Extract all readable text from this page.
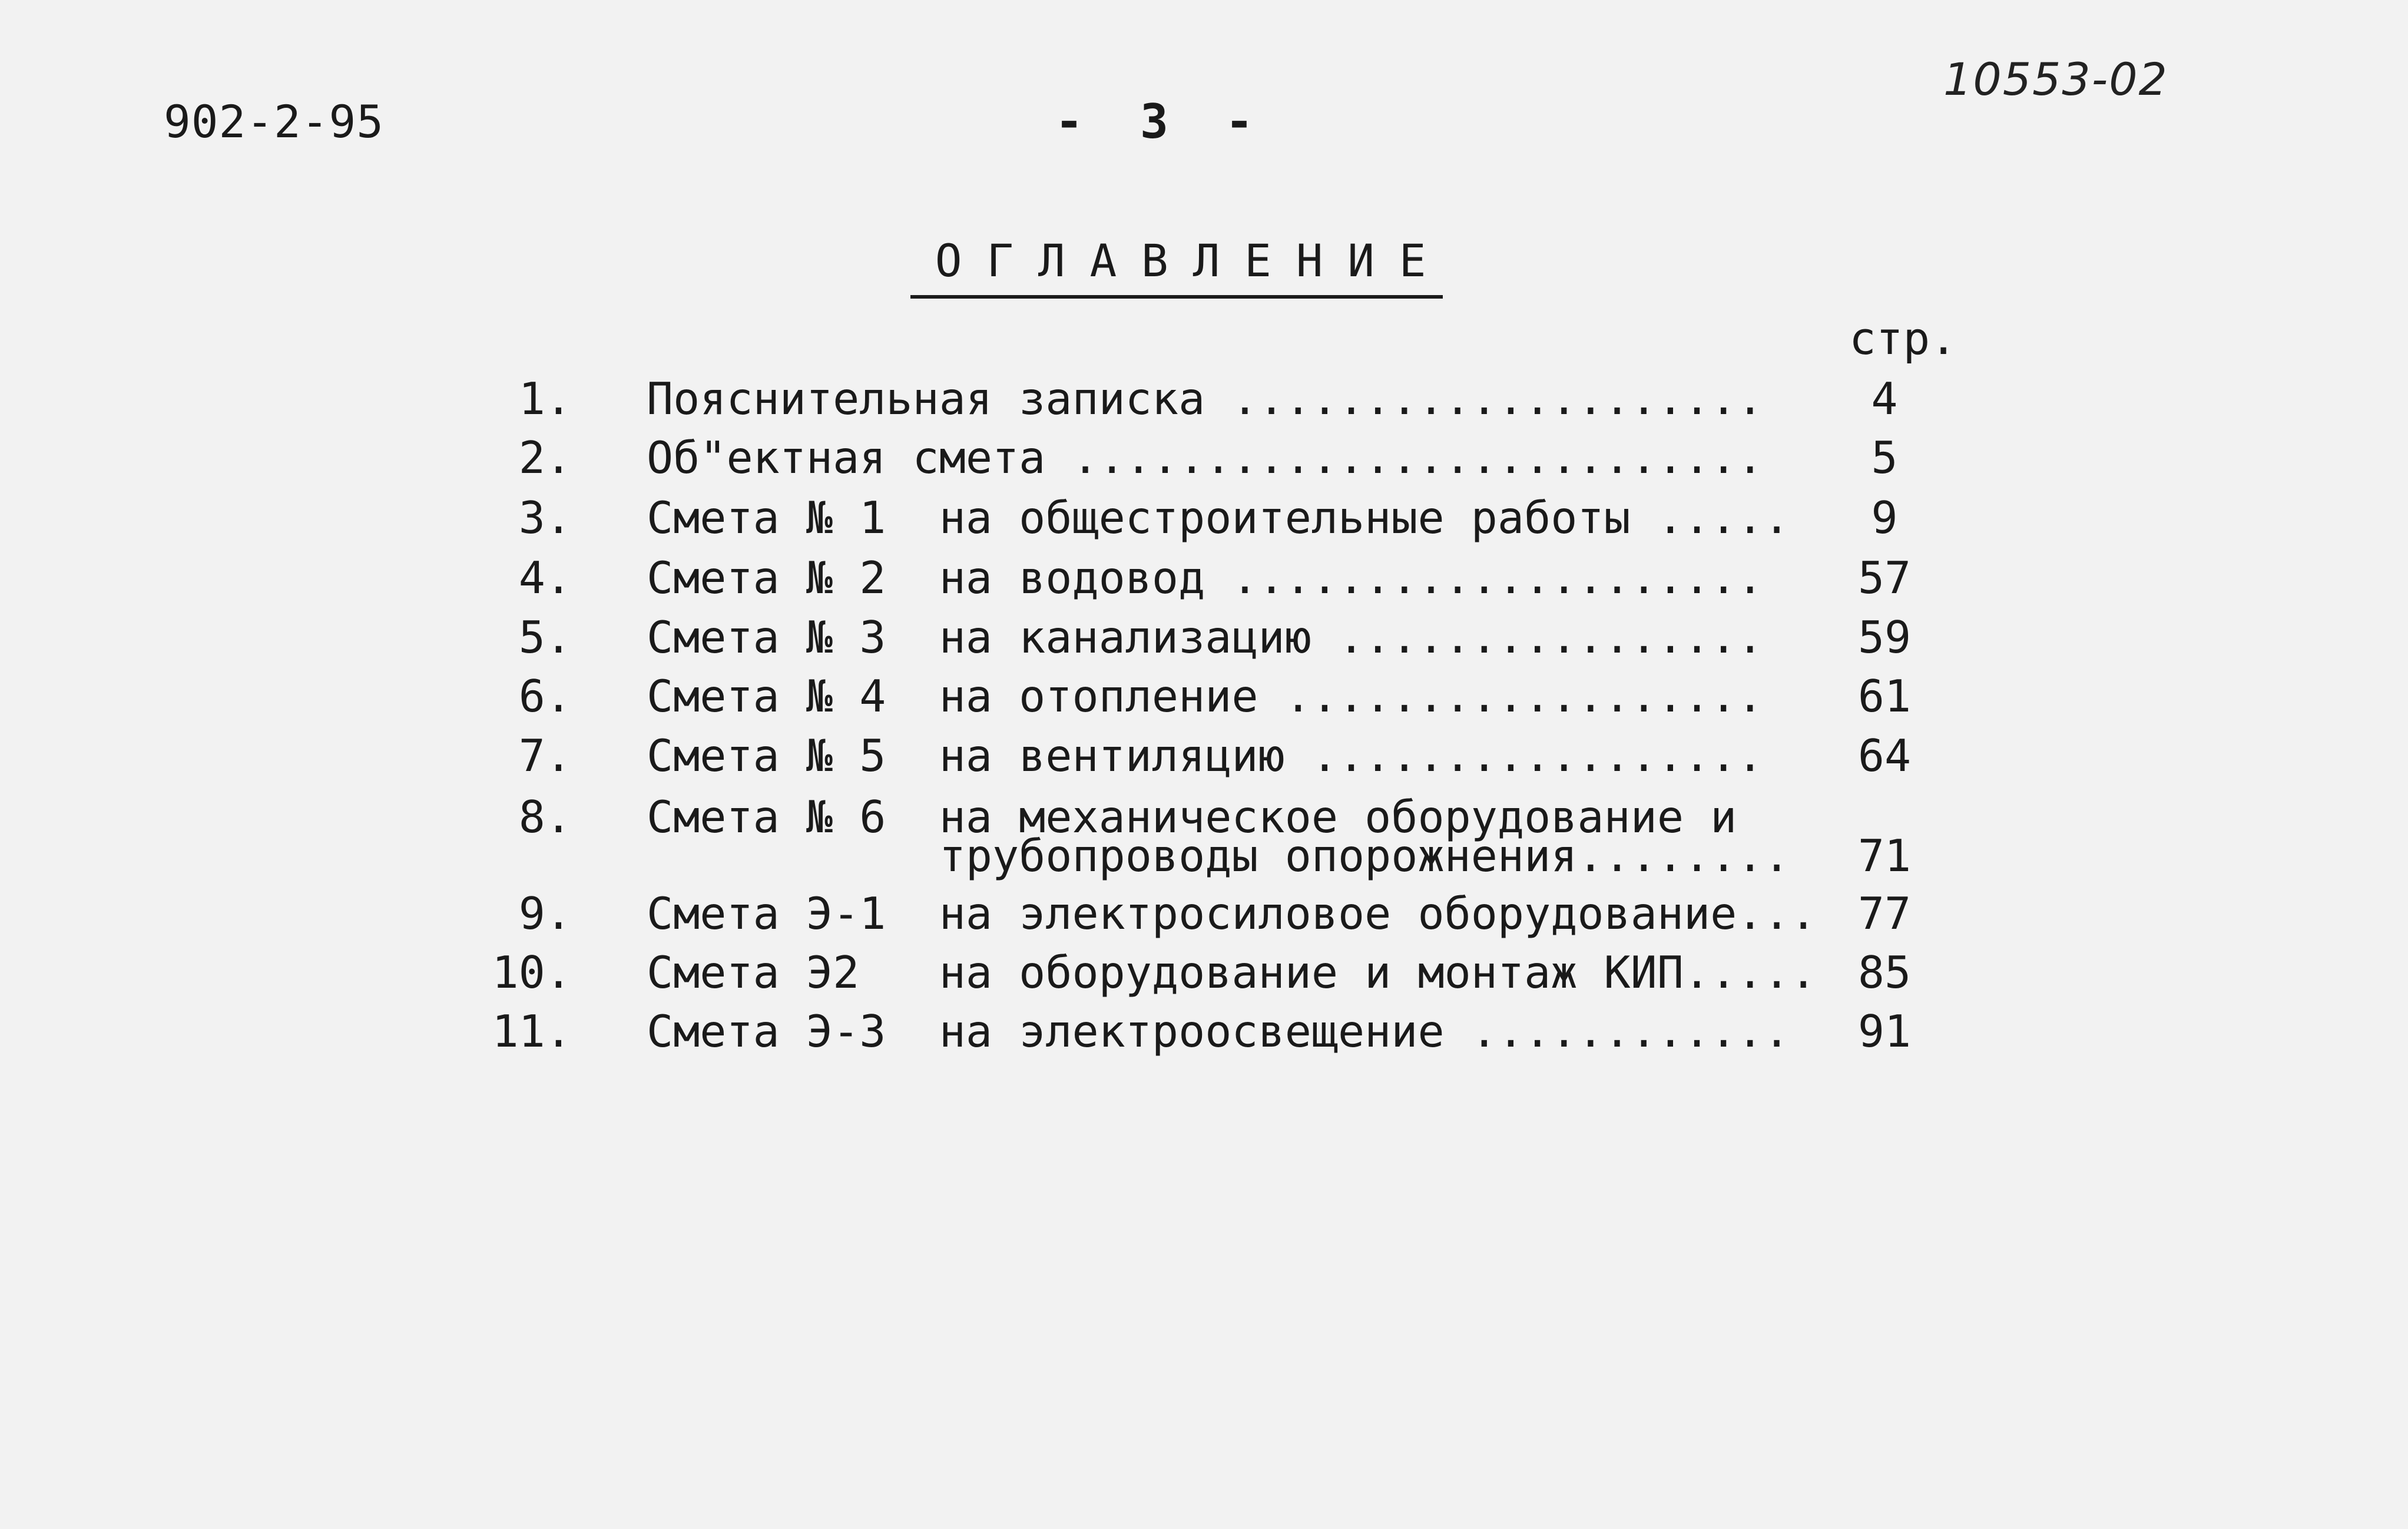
902-2-95	-  3  -
10553-02
ОГЛАВЛЕНИЕ
стр.
1. Пояснительная записка ....................	4
2. Об"ектная смета ..........................	5
3. Смета № 1  на общестроительные работы .....	9
4. Смета № 2  на водовод ....................	57
5. Смета № 3  на канализацию ................	59
6. Смета № 4  на отопление ..................	61
7. Смета № 5  на вентиляцию .................	64
8. Смета № 6  на механическое оборудование и
трубопроводы опорожнения........	71
9. Смета Э-1  на электросиловое оборудование... 77
10. Смета Э2   на оборудование и монтаж КИП..... 85
11. Смета Э-3  на электроосвещение ............	91
